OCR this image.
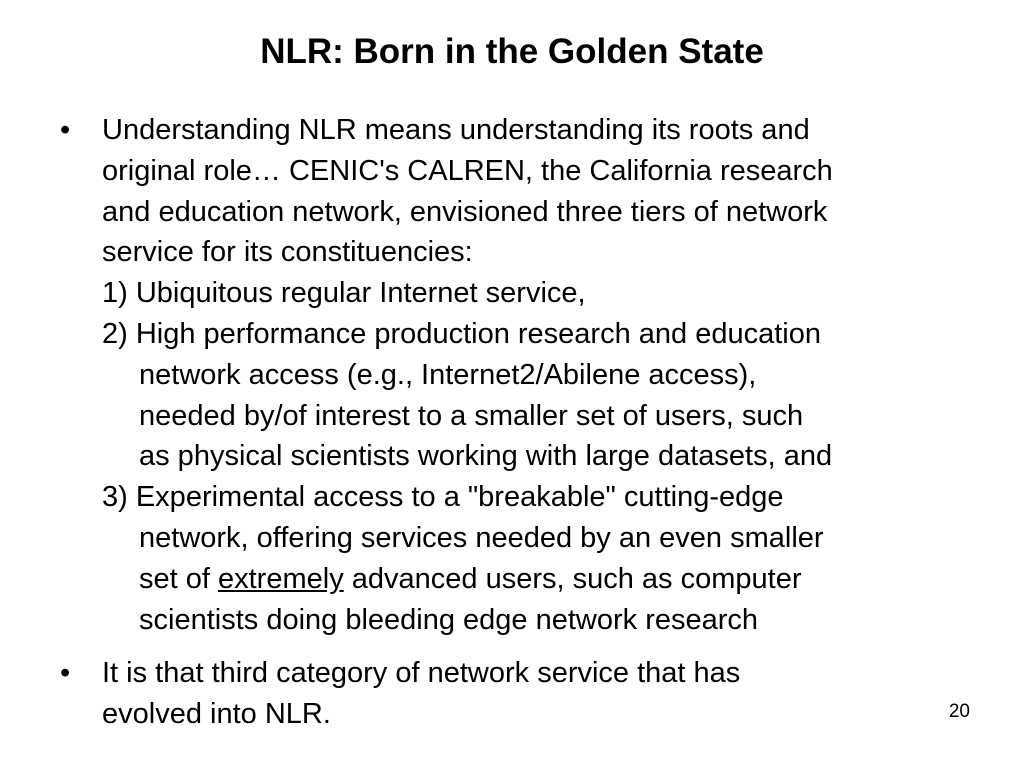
NLR: Born in the Golden State
• Understanding NLR means understanding its roots and
original role… CENIC's CALREN, the California research
and education network, envisioned three tiers of network
service for its constituencies:
1) Ubiquitous regular Internet service,
2) High performance production research and education
network access (e.g., Internet2/Abilene access),
needed by/of interest to a smaller set of users, such
as physical scientists working with large datasets, and
3) Experimental access to a "breakable" cutting-edge
network, offering services needed by an even smaller
set of extremely advanced users, such as computer
scientists doing bleeding edge network research
• It is that third category of network service that has
evolved into NLR.	20
